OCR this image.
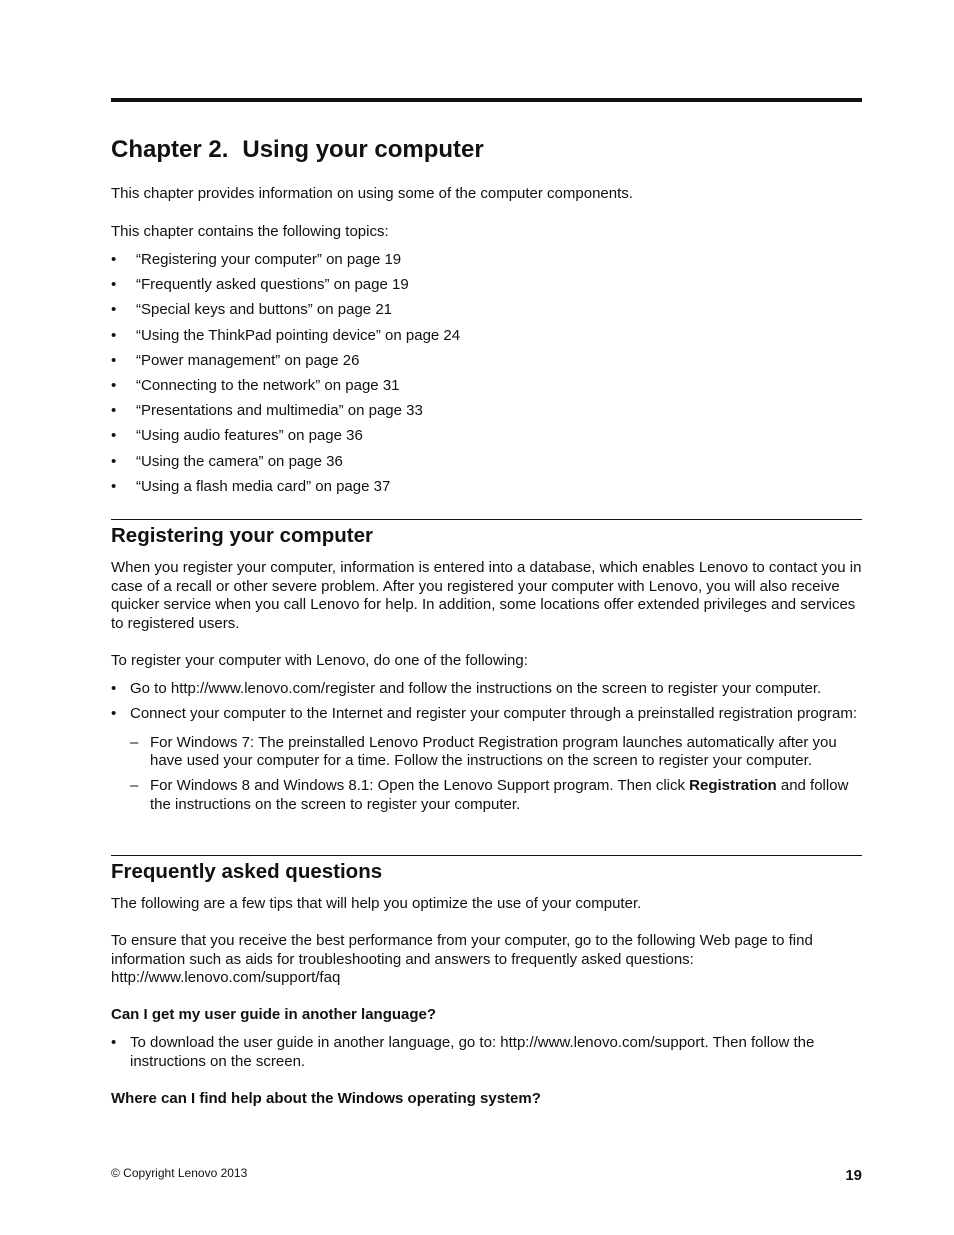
Chapter 2. Using your computer

This chapter provides information on using some of the computer components.

This chapter contains the following topics:

• “Registering your computer” on page 19
• “Frequently asked questions” on page 19
• “Special keys and buttons” on page 21
• “Using the ThinkPad pointing device” on page 24
• “Power management” on page 26
• “Connecting to the network” on page 31
• “Presentations and multimedia” on page 33
• “Using audio features” on page 36
• “Using the camera” on page 36
• “Using a flash media card” on page 37
Registering your computer

When you register your computer, information is entered into a database, which enables Lenovo to contact you in case of a recall or other severe problem. After you registered your computer with Lenovo, you will also receive quicker service when you call Lenovo for help. In addition, some locations offer extended privileges and services to registered users.

To register your computer with Lenovo, do one of the following:

• Go to http://www.lenovo.com/register and follow the instructions on the screen to register your computer.
• Connect your computer to the Internet and register your computer through a preinstalled registration program:
– For Windows 7: The preinstalled Lenovo Product Registration program launches automatically after you have used your computer for a time. Follow the instructions on the screen to register your computer.
– For Windows 8 and Windows 8.1: Open the Lenovo Support program. Then click Registration and follow the instructions on the screen to register your computer.
Frequently asked questions

The following are a few tips that will help you optimize the use of your computer.

To ensure that you receive the best performance from your computer, go to the following Web page to find information such as aids for troubleshooting and answers to frequently asked questions: http://www.lenovo.com/support/faq

Can I get my user guide in another language?
• To download the user guide in another language, go to: http://www.lenovo.com/support. Then follow the instructions on the screen.
Where can I find help about the Windows operating system?
© Copyright Lenovo 2013	19
